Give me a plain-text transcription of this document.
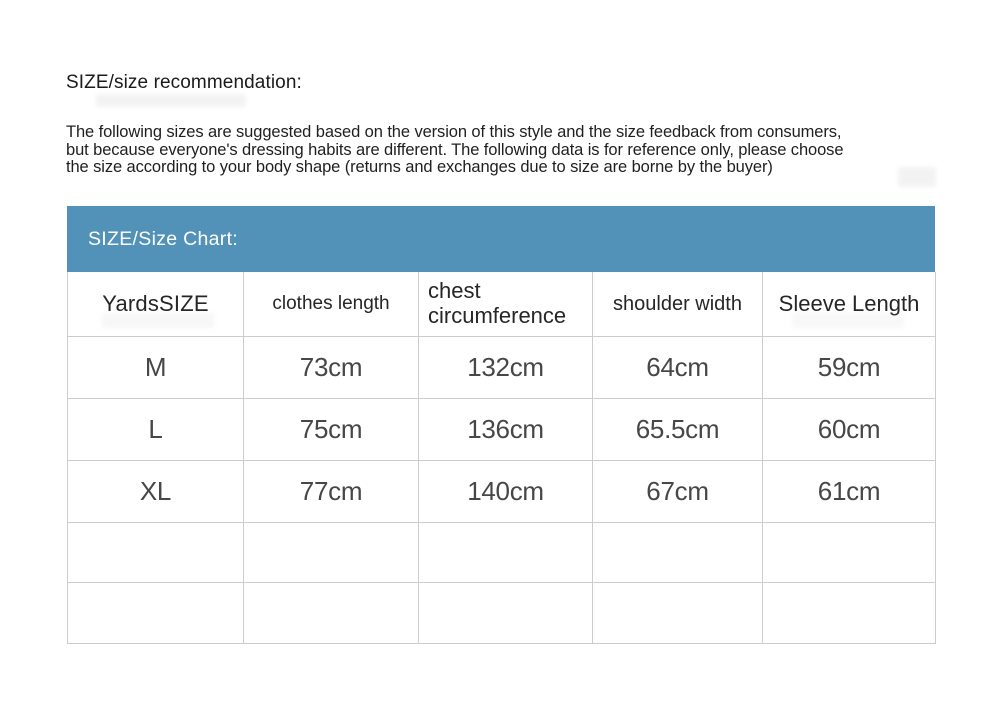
SIZE/size recommendation:
The following sizes are suggested based on the version of this style and the size feedback from consumers,
but because everyone's dressing habits are different. The following data is for reference only, please choose
the size according to your body shape (returns and exchanges due to size are borne by the buyer)
SIZE/Size Chart:
YardsSIZE	clothes length	chest circumference	shoulder width	Sleeve Length
M	73cm	132cm	64cm	59cm
L	75cm	136cm	65.5cm	60cm
XL	77cm	140cm	67cm	61cm
